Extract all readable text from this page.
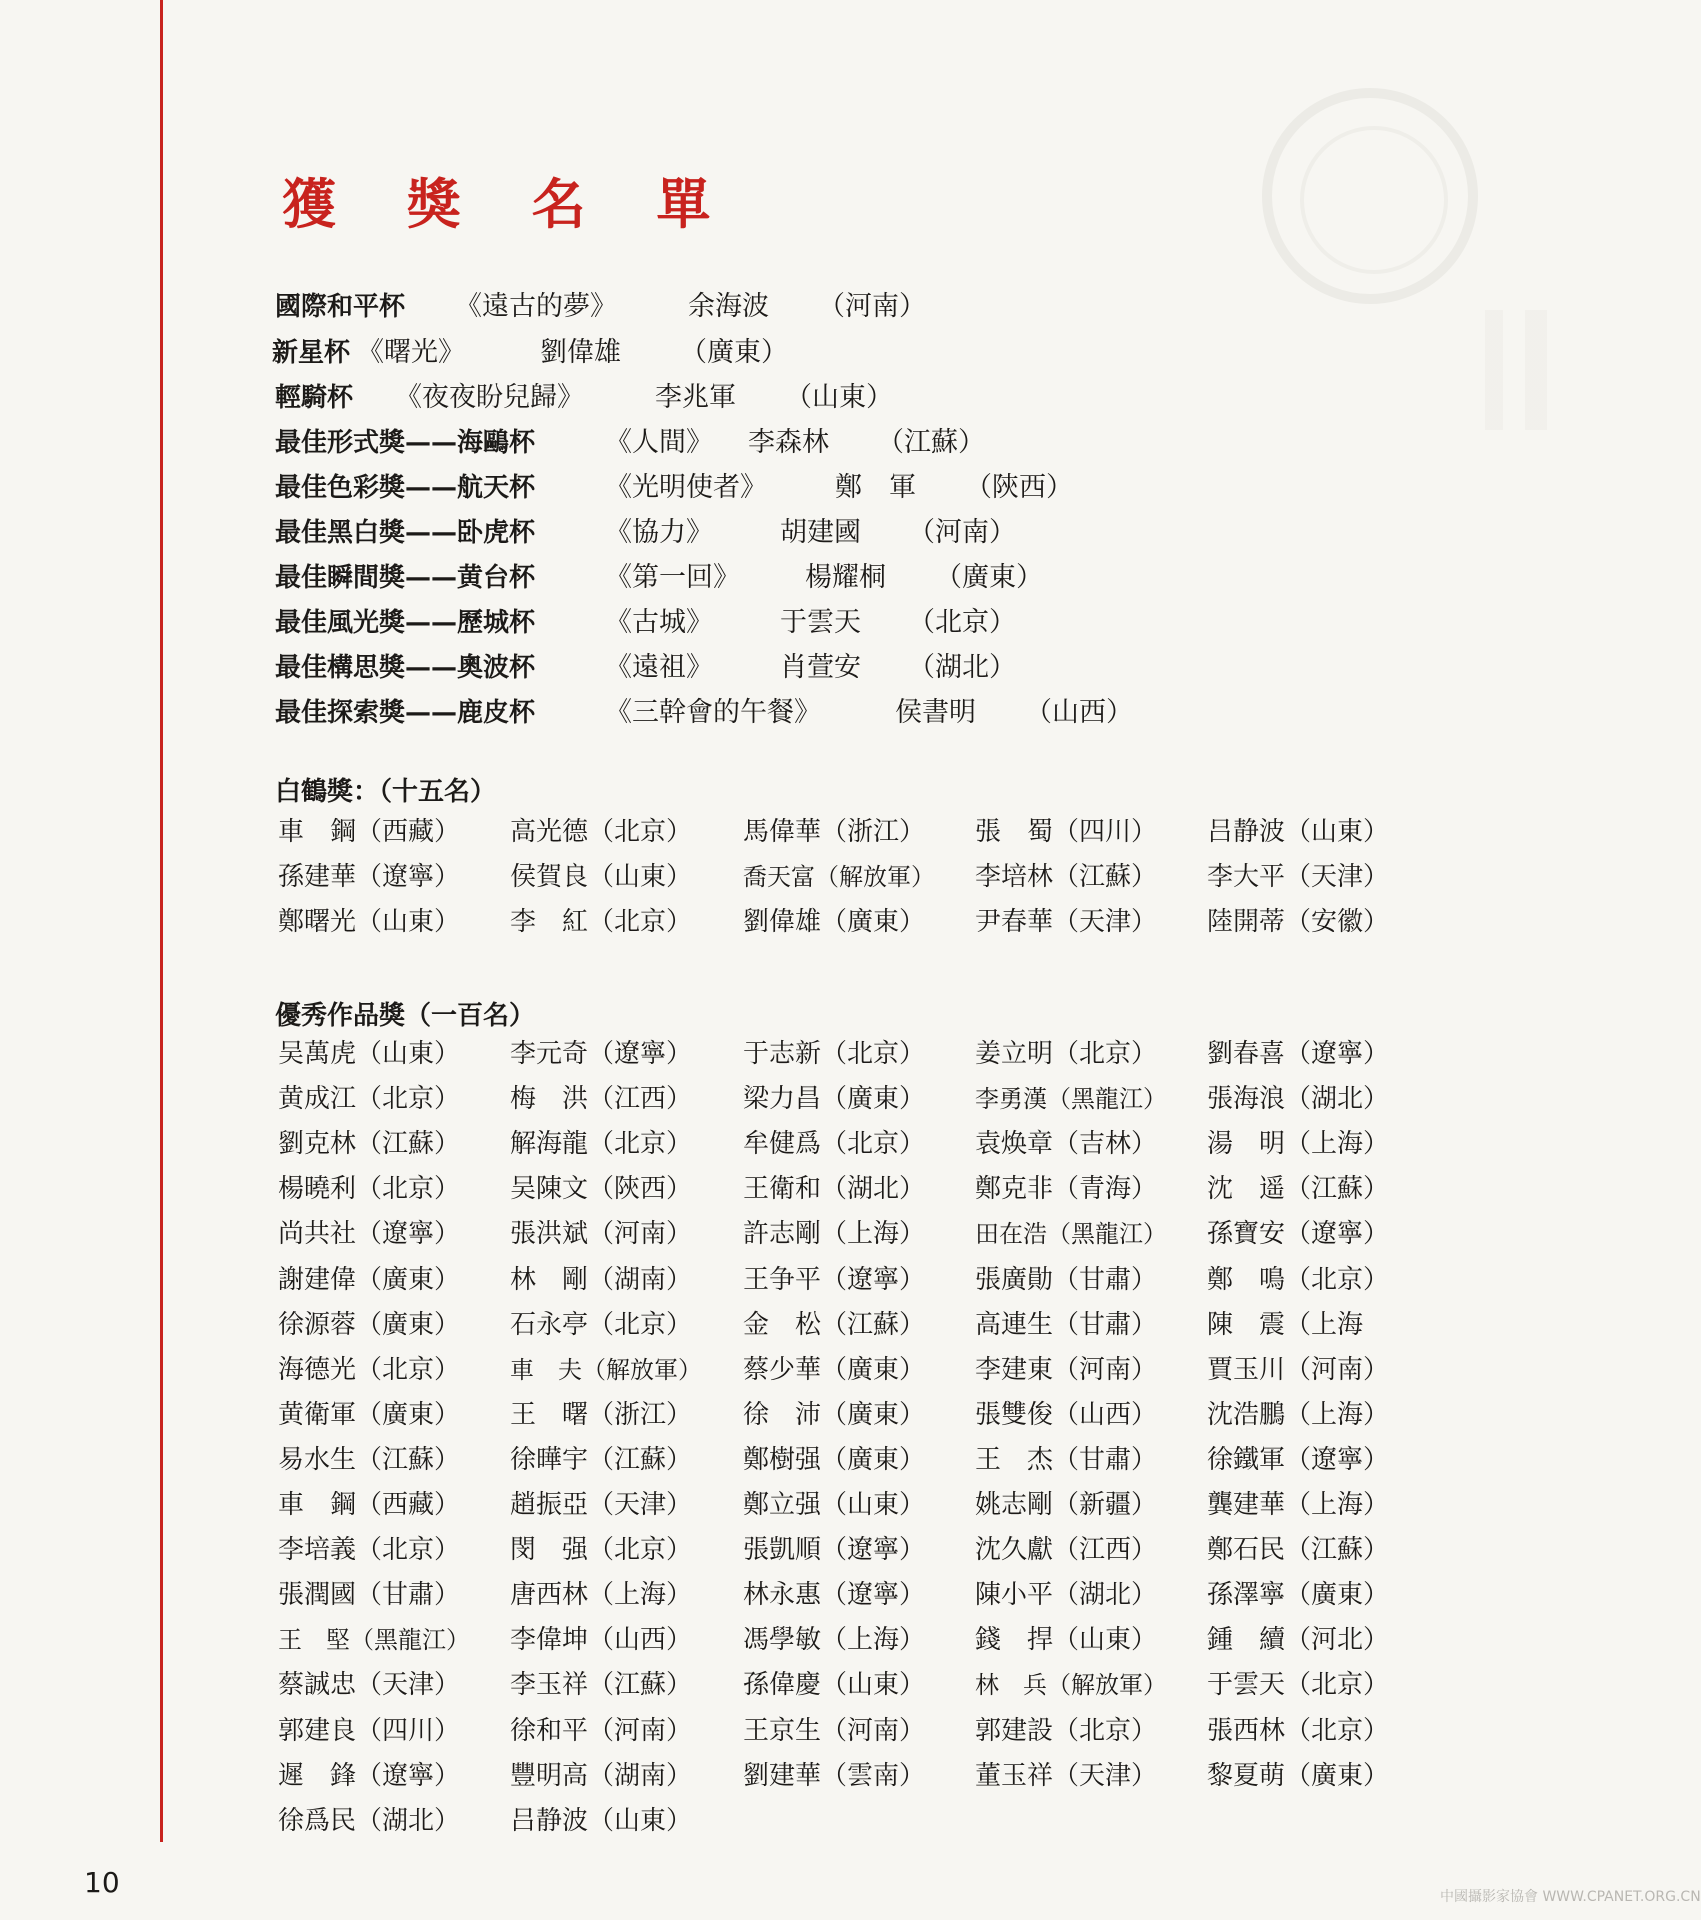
獲 獎 名 單
國際和平杯 《遠古的夢》	余海波 （河南）
新星杯 《曙光》	劉偉雄 （廣東）
輕騎杯 《夜夜盼兒歸》	李兆軍 （山東）
最佳形式獎——海鷗杯	《人間》 李森林 （江蘇）
最佳色彩獎——航天杯	《光明使者》	鄭　軍 （陝西）
最佳黑白獎——卧虎杯	《協力》 胡建國 （河南）
最佳瞬間獎——黄台杯	《第一回》 楊耀桐 （廣東）
最佳風光獎——歷城杯	《古城》 于雲天 （北京）
最佳構思獎——奧波杯	《遠祖》 肖萱安 （湖北）
最佳探索獎——鹿皮杯	《三幹會的午餐》	侯書明 （山西）
白鶴獎：（十五名）
車　鋼（西藏） 高光德（北京） 馬偉華（浙江） 張　蜀（四川） 吕静波（山東）
孫建華（遼寧） 侯賀良（山東） 喬天富（解放軍） 李培林（江蘇） 李大平（天津）
鄭曙光（山東） 李　紅（北京） 劉偉雄（廣東） 尹春華（天津） 陸開蒂（安徽）
優秀作品獎（一百名）
吴萬虎（山東） 李元奇（遼寧） 于志新（北京） 姜立明（北京） 劉春喜（遼寧）
黄成江（北京） 梅　洪（江西） 梁力昌（廣東） 李勇漢（黑龍江） 張海浪（湖北）
劉克林（江蘇） 解海龍（北京） 牟健爲（北京） 袁焕章（吉林） 湯　明（上海）
楊曉利（北京） 吴陳文（陝西） 王衛和（湖北） 鄭克非（青海） 沈　遥（江蘇）
尚共社（遼寧） 張洪斌（河南） 許志剛（上海） 田在浩（黑龍江） 孫寶安（遼寧）
謝建偉（廣東） 林　剛（湖南） 王争平（遼寧） 張廣勛（甘肅） 鄭　鳴（北京）
徐源蓉（廣東） 石永亭（北京） 金　松（江蘇） 高連生（甘肅） 陳　震（上海
海德光（北京） 車　夫（解放軍） 蔡少華（廣東） 李建東（河南） 賈玉川（河南）
黄衛軍（廣東） 王　曙（浙江） 徐　沛（廣東） 張雙俊（山西） 沈浩鵬（上海）
易水生（江蘇） 徐曄宇（江蘇） 鄭樹强（廣東） 王　杰（甘肅） 徐鐵軍（遼寧）
車　鋼（西藏） 趙振亞（天津） 鄭立强（山東） 姚志剛（新疆） 龔建華（上海）
李培義（北京） 閔　强（北京） 張凱順（遼寧） 沈久獻（江西） 鄭石民（江蘇）
張潤國（甘肅） 唐西林（上海） 林永惠（遼寧） 陳小平（湖北） 孫澤寧（廣東）
王　堅（黑龍江） 李偉坤（山西） 馮學敏（上海） 錢　捍（山東） 鍾　續（河北）
蔡誠忠（天津） 李玉祥（江蘇） 孫偉慶（山東） 林　兵（解放軍） 于雲天（北京）
郭建良（四川） 徐和平（河南） 王京生（河南） 郭建設（北京） 張西林（北京）
遲　鋒（遼寧） 豐明高（湖南） 劉建華（雲南） 董玉祥（天津） 黎夏萌（廣東）
徐爲民（湖北） 吕静波（山東）
10	中國攝影家協會 WWW.CPANET.ORG.CN
